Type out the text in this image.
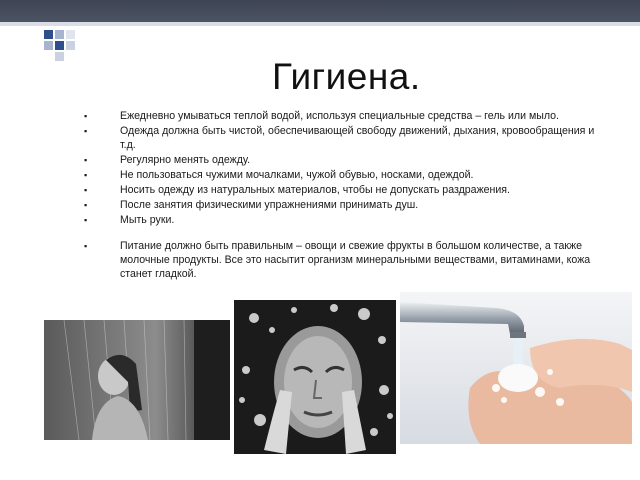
Гигиена.
▪	Ежедневно умываться теплой водой, используя специальные средства – гель или мыло.
▪	Одежда должна быть чистой, обеспечивающей свободу движений, дыхания, кровообращения и т.д.
▪	Регулярно менять одежду.
▪	Не пользоваться чужими мочалками, чужой обувью, носками, одеждой.
▪	Носить одежду из натуральных материалов, чтобы не допускать раздражения.
▪	После занятия физическими упражнениями принимать душ.
▪	Мыть руки.
▪	Питание должно быть правильным – овощи и свежие фрукты в большом количестве, а также молочные продукты. Все это насытит организм минеральными веществами, витаминами, кожа станет гладкой.
